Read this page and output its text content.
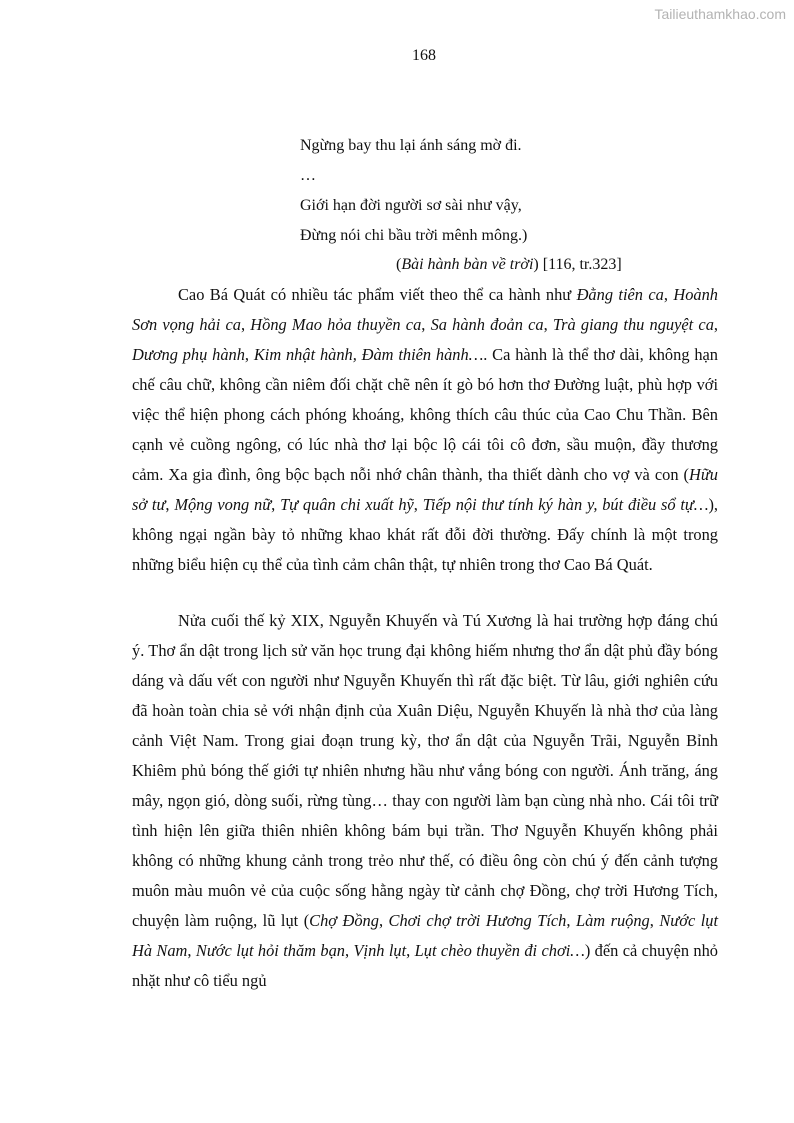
Tailieuthamkhao.com
168
Ngừng bay thu lại ánh sáng mờ đi.
…
Giới hạn đời người sơ sài như vậy,
Đừng nói chi bầu trời mênh mông.)
(Bài hành bàn về trời) [116, tr.323]
Cao Bá Quát có nhiều tác phẩm viết theo thể ca hành như Đằng tiên ca, Hoành Sơn vọng hải ca, Hồng Mao hỏa thuyền ca, Sa hành đoản ca, Trà giang thu nguyệt ca, Dương phụ hành, Kim nhật hành, Đàm thiên hành…. Ca hành là thể thơ dài, không hạn chế câu chữ, không cần niêm đối chặt chẽ nên ít gò bó hơn thơ Đường luật, phù hợp với việc thể hiện phong cách phóng khoáng, không thích câu thúc của Cao Chu Thần. Bên cạnh vẻ cuồng ngông, có lúc nhà thơ lại bộc lộ cái tôi cô đơn, sầu muộn, đầy thương cảm. Xa gia đình, ông bộc bạch nỗi nhớ chân thành, tha thiết dành cho vợ và con (Hữu sở tư, Mộng vong nữ, Tự quân chi xuất hỹ, Tiếp nội thư tính ký hàn y, bút điều sổ tự…), không ngại ngần bày tỏ những khao khát rất đỗi đời thường. Đấy chính là một trong những biểu hiện cụ thể của tình cảm chân thật, tự nhiên trong thơ Cao Bá Quát.
Nửa cuối thế kỷ XIX, Nguyễn Khuyến và Tú Xương là hai trường hợp đáng chú ý. Thơ ẩn dật trong lịch sử văn học trung đại không hiếm nhưng thơ ẩn dật phủ đầy bóng dáng và dấu vết con người như Nguyễn Khuyến thì rất đặc biệt. Từ lâu, giới nghiên cứu đã hoàn toàn chia sẻ với nhận định của Xuân Diệu, Nguyễn Khuyến là nhà thơ của làng cảnh Việt Nam. Trong giai đoạn trung kỳ, thơ ẩn dật của Nguyễn Trãi, Nguyễn Bỉnh Khiêm phủ bóng thế giới tự nhiên nhưng hầu như vắng bóng con người. Ánh trăng, áng mây, ngọn gió, dòng suối, rừng tùng… thay con người làm bạn cùng nhà nho. Cái tôi trữ tình hiện lên giữa thiên nhiên không bám bụi trần. Thơ Nguyễn Khuyến không phải không có những khung cảnh trong trẻo như thế, có điều ông còn chú ý đến cảnh tượng muôn màu muôn vẻ của cuộc sống hằng ngày từ cảnh chợ Đồng, chợ trời Hương Tích, chuyện làm ruộng, lũ lụt (Chợ Đồng, Chơi chợ trời Hương Tích, Làm ruộng, Nước lụt Hà Nam, Nước lụt hỏi thăm bạn, Vịnh lụt, Lụt chèo thuyền đi chơi…) đến cả chuyện nhỏ nhặt như cô tiểu ngủ
